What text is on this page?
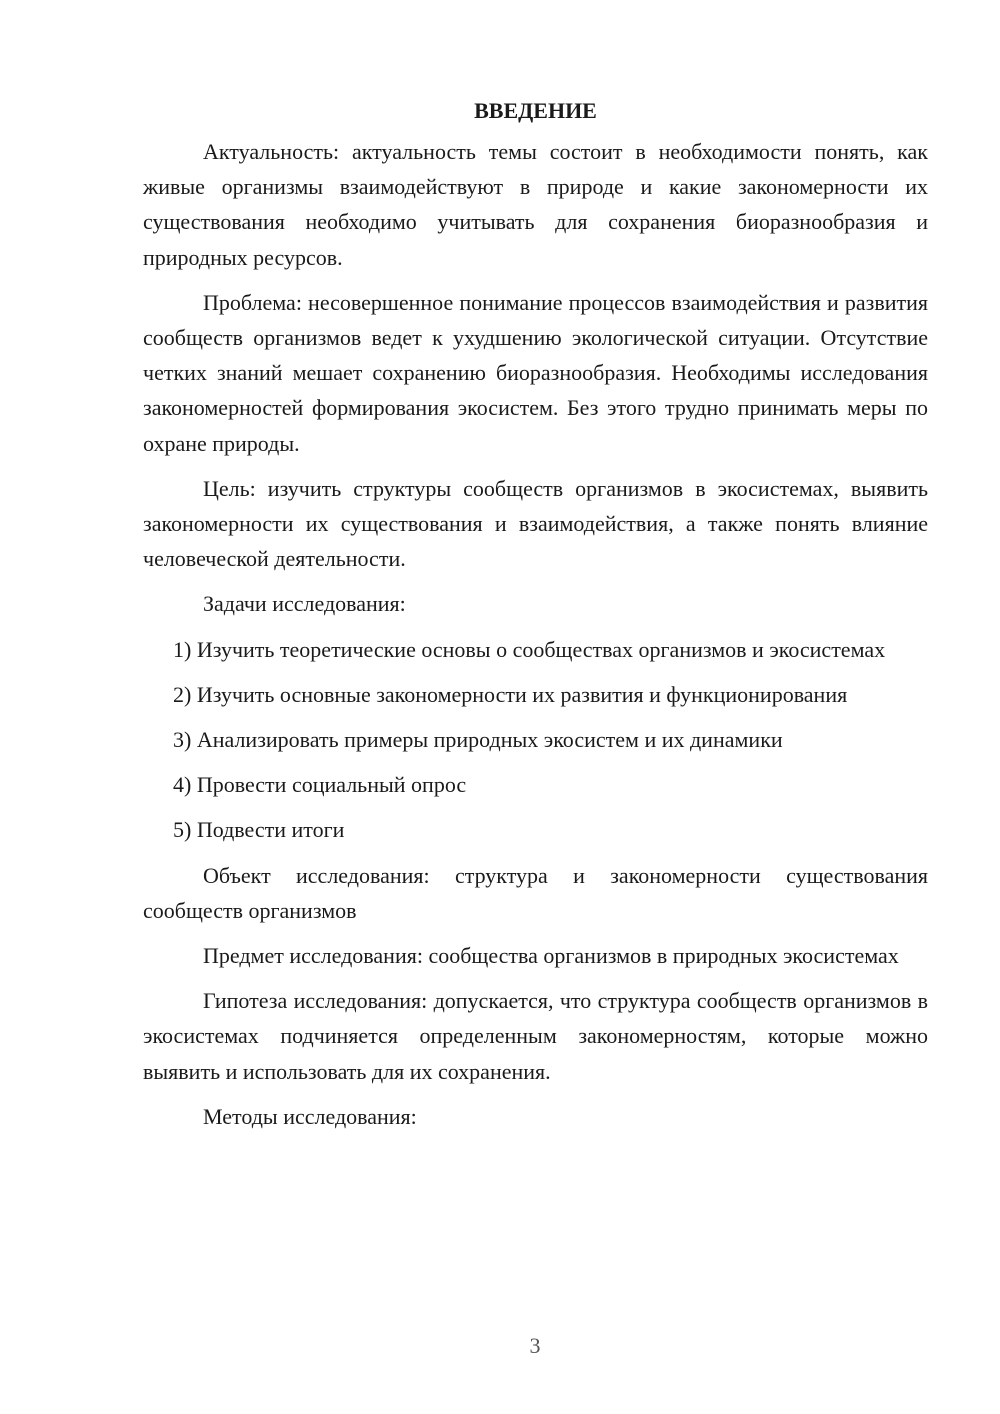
ВВЕДЕНИЕ

Актуальность: актуальность темы состоит в необходимости понять, как живые организмы взаимодействуют в природе и какие закономерности их существования необходимо учитывать для сохранения биоразнообразия и природных ресурсов.

Проблема: несовершенное понимание процессов взаимодействия и развития сообществ организмов ведет к ухудшению экологической ситуации. Отсутствие четких знаний мешает сохранению биоразнообразия. Необходимы исследования закономерностей формирования экосистем. Без этого трудно принимать меры по охране природы.

Цель: изучить структуры сообществ организмов в экосистемах, выявить закономерности их существования и взаимодействия, а также понять влияние человеческой деятельности.

Задачи исследования:

1) Изучить теоретические основы о сообществах организмов и экосистемах

2) Изучить основные закономерности их развития и функционирования

3) Анализировать примеры природных экосистем и их динамики

4) Провести социальный опрос

5) Подвести итоги

Объект исследования: структура и закономерности существования сообществ организмов

Предмет исследования: сообщества организмов в природных экосистемах

Гипотеза исследования: допускается, что структура сообществ организмов в экосистемах подчиняется определенным закономерностям, которые можно выявить и использовать для их сохранения.

Методы исследования:

3
